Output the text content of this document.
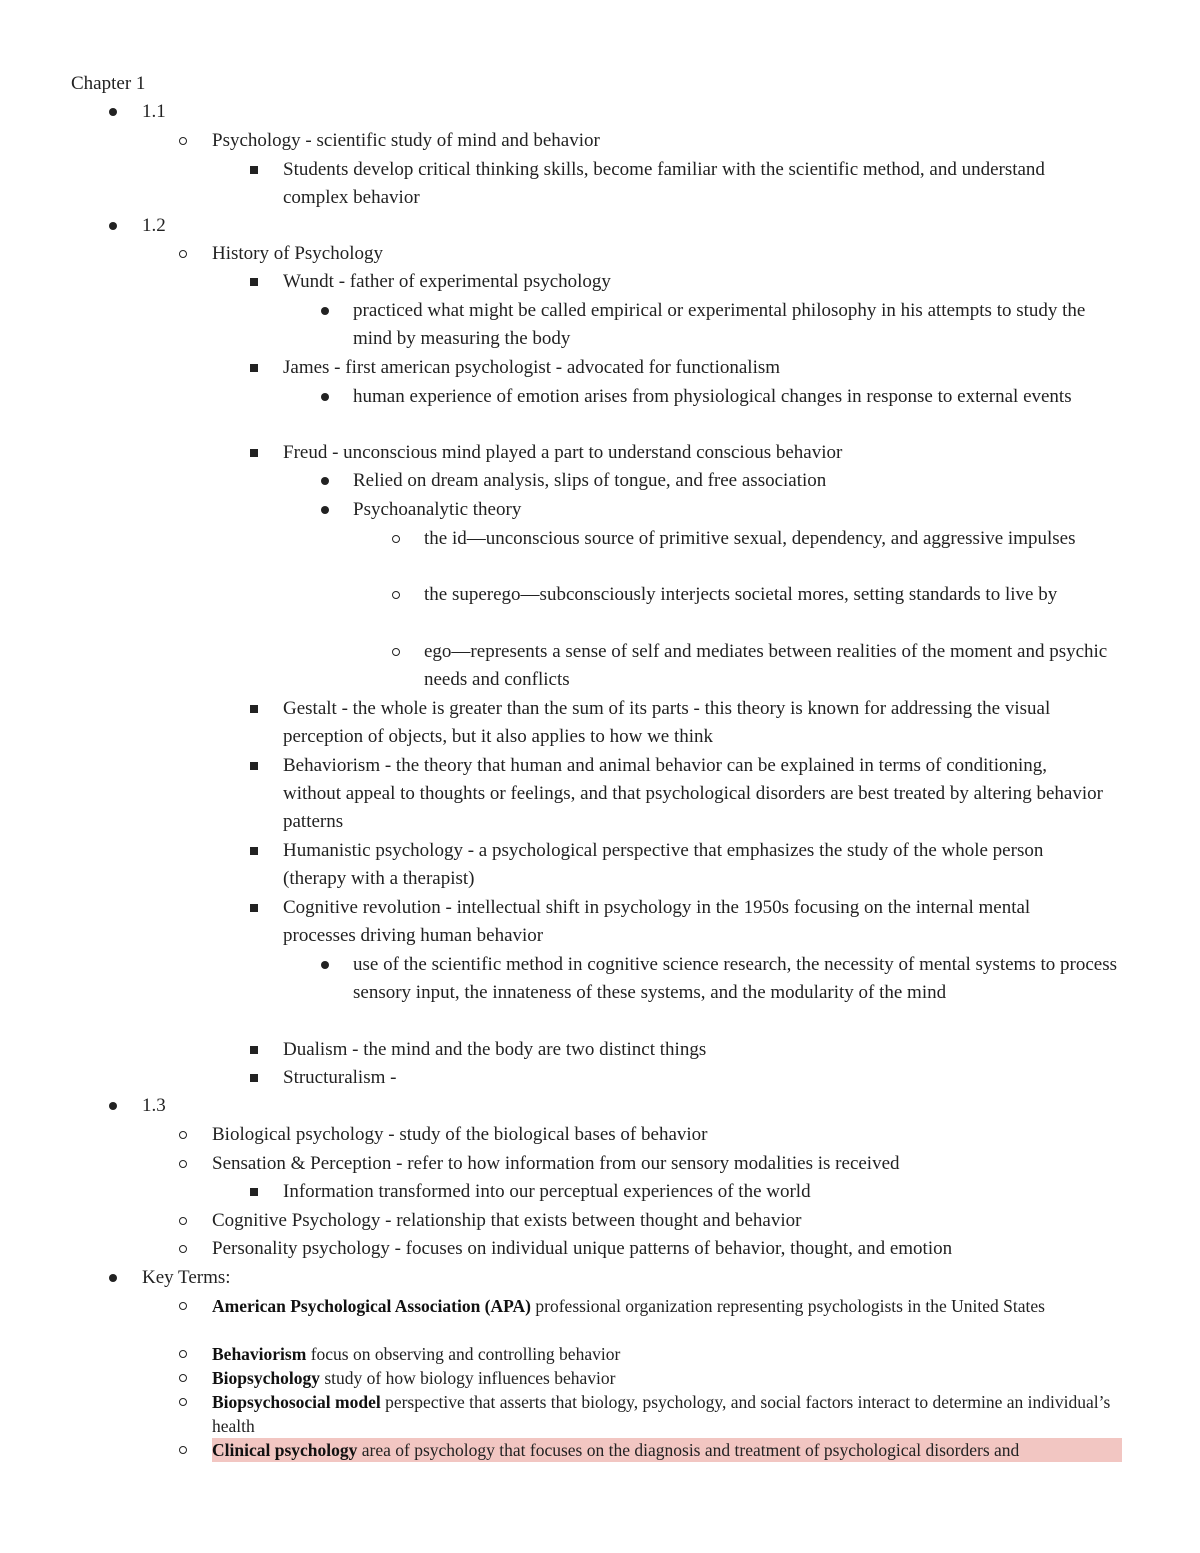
Chapter 1
1.1
Psychology - scientific study of mind and behavior
Students develop critical thinking skills, become familiar with the scientific method, and understand complex behavior
1.2
History of Psychology
Wundt - father of experimental psychology
practiced what might be called empirical or experimental philosophy in his attempts to study the mind by measuring the body
James - first american psychologist - advocated for functionalism
human experience of emotion arises from physiological changes in response to external events
Freud - unconscious mind played a part to understand conscious behavior
Relied on dream analysis, slips of tongue, and free association
Psychoanalytic theory
the id—unconscious source of primitive sexual, dependency, and aggressive impulses
the superego—subconsciously interjects societal mores, setting standards to live by
ego—represents a sense of self and mediates between realities of the moment and psychic needs and conflicts
Gestalt - the whole is greater than the sum of its parts - this theory is known for addressing the visual perception of objects, but it also applies to how we think
Behaviorism - the theory that human and animal behavior can be explained in terms of conditioning, without appeal to thoughts or feelings, and that psychological disorders are best treated by altering behavior patterns
Humanistic psychology - a psychological perspective that emphasizes the study of the whole person (therapy with a therapist)
Cognitive revolution - intellectual shift in psychology in the 1950s focusing on the internal mental processes driving human behavior
use of the scientific method in cognitive science research, the necessity of mental systems to process sensory input, the innateness of these systems, and the modularity of the mind
Dualism - the mind and the body are two distinct things
Structuralism -
1.3
Biological psychology - study of the biological bases of behavior
Sensation & Perception - refer to how information from our sensory modalities is received
Information transformed into our perceptual experiences of the world
Cognitive Psychology - relationship that exists between thought and behavior
Personality psychology - focuses on individual unique patterns of behavior, thought, and emotion
Key Terms:
American Psychological Association (APA) professional organization representing psychologists in the United States
Behaviorism focus on observing and controlling behavior
Biopsychology study of how biology influences behavior
Biopsychosocial model perspective that asserts that biology, psychology, and social factors interact to determine an individual’s health
Clinical psychology area of psychology that focuses on the diagnosis and treatment of psychological disorders and
